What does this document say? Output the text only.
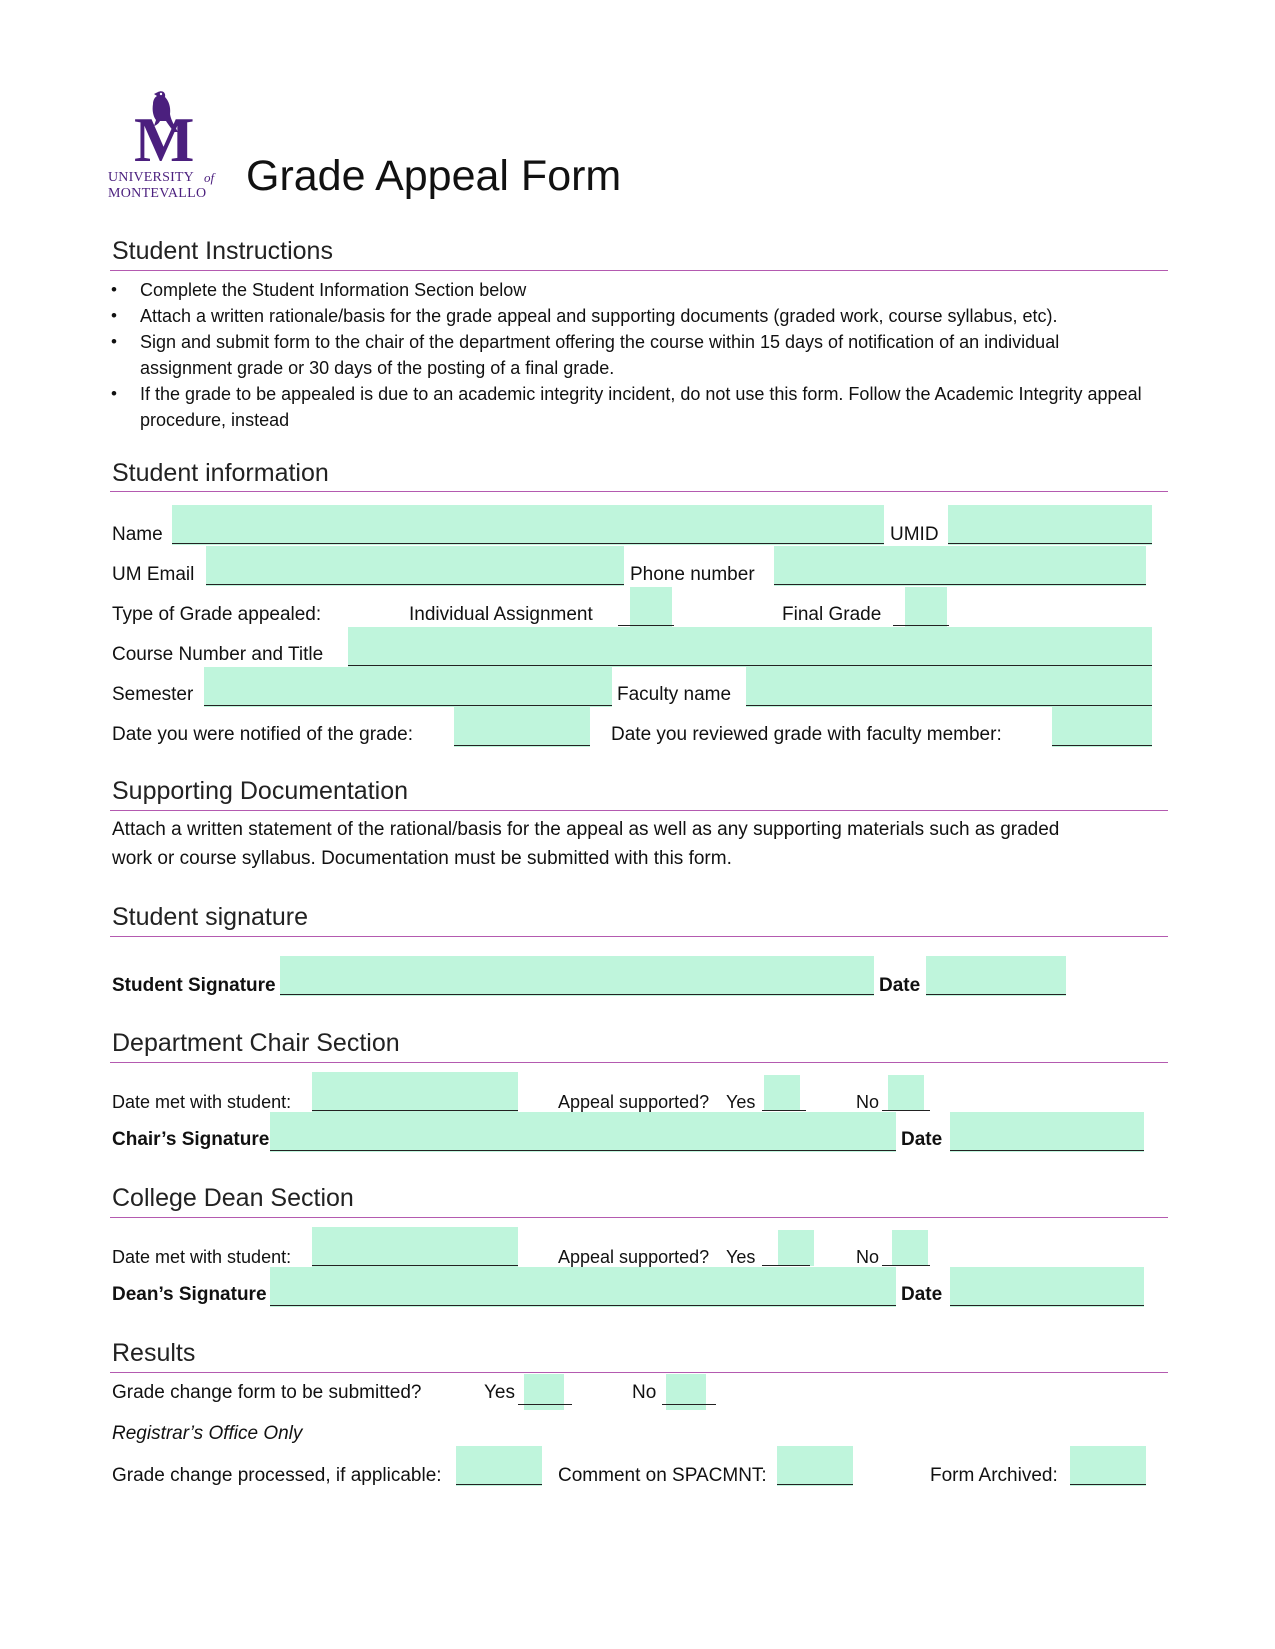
M
UNIVERSITY of
MONTEVALLO Grade Appeal Form
Student Instructions
• Complete the Student Information Section below
• Attach a written rationale/basis for the grade appeal and supporting documents (graded work, course syllabus, etc).
• Sign and submit form to the chair of the department offering the course within 15 days of notification of an individual assignment grade or 30 days of the posting of a final grade.
• If the grade to be appealed is due to an academic integrity incident, do not use this form. Follow the Academic Integrity appeal procedure, instead
Student information
Name	UMID
UM Email	Phone number
Type of Grade appealed:	Individual Assignment	Final Grade
Course Number and Title
Semester	Faculty name
Date you were notified of the grade:	Date you reviewed grade with faculty member:
Supporting Documentation
Attach a written statement of the rational/basis for the appeal as well as any supporting materials such as graded
work or course syllabus. Documentation must be submitted with this form.
Student signature
Student Signature	Date
Department Chair Section
Date met with student:	Appeal supported? Yes	No
Chair’s Signature	Date
College Dean Section
Date met with student:	Appeal supported? Yes	No
Dean’s Signature	Date
Results
Grade change form to be submitted?	Yes	No
Registrar’s Office Only
Grade change processed, if applicable:	Comment on SPACMNT:	Form Archived:
